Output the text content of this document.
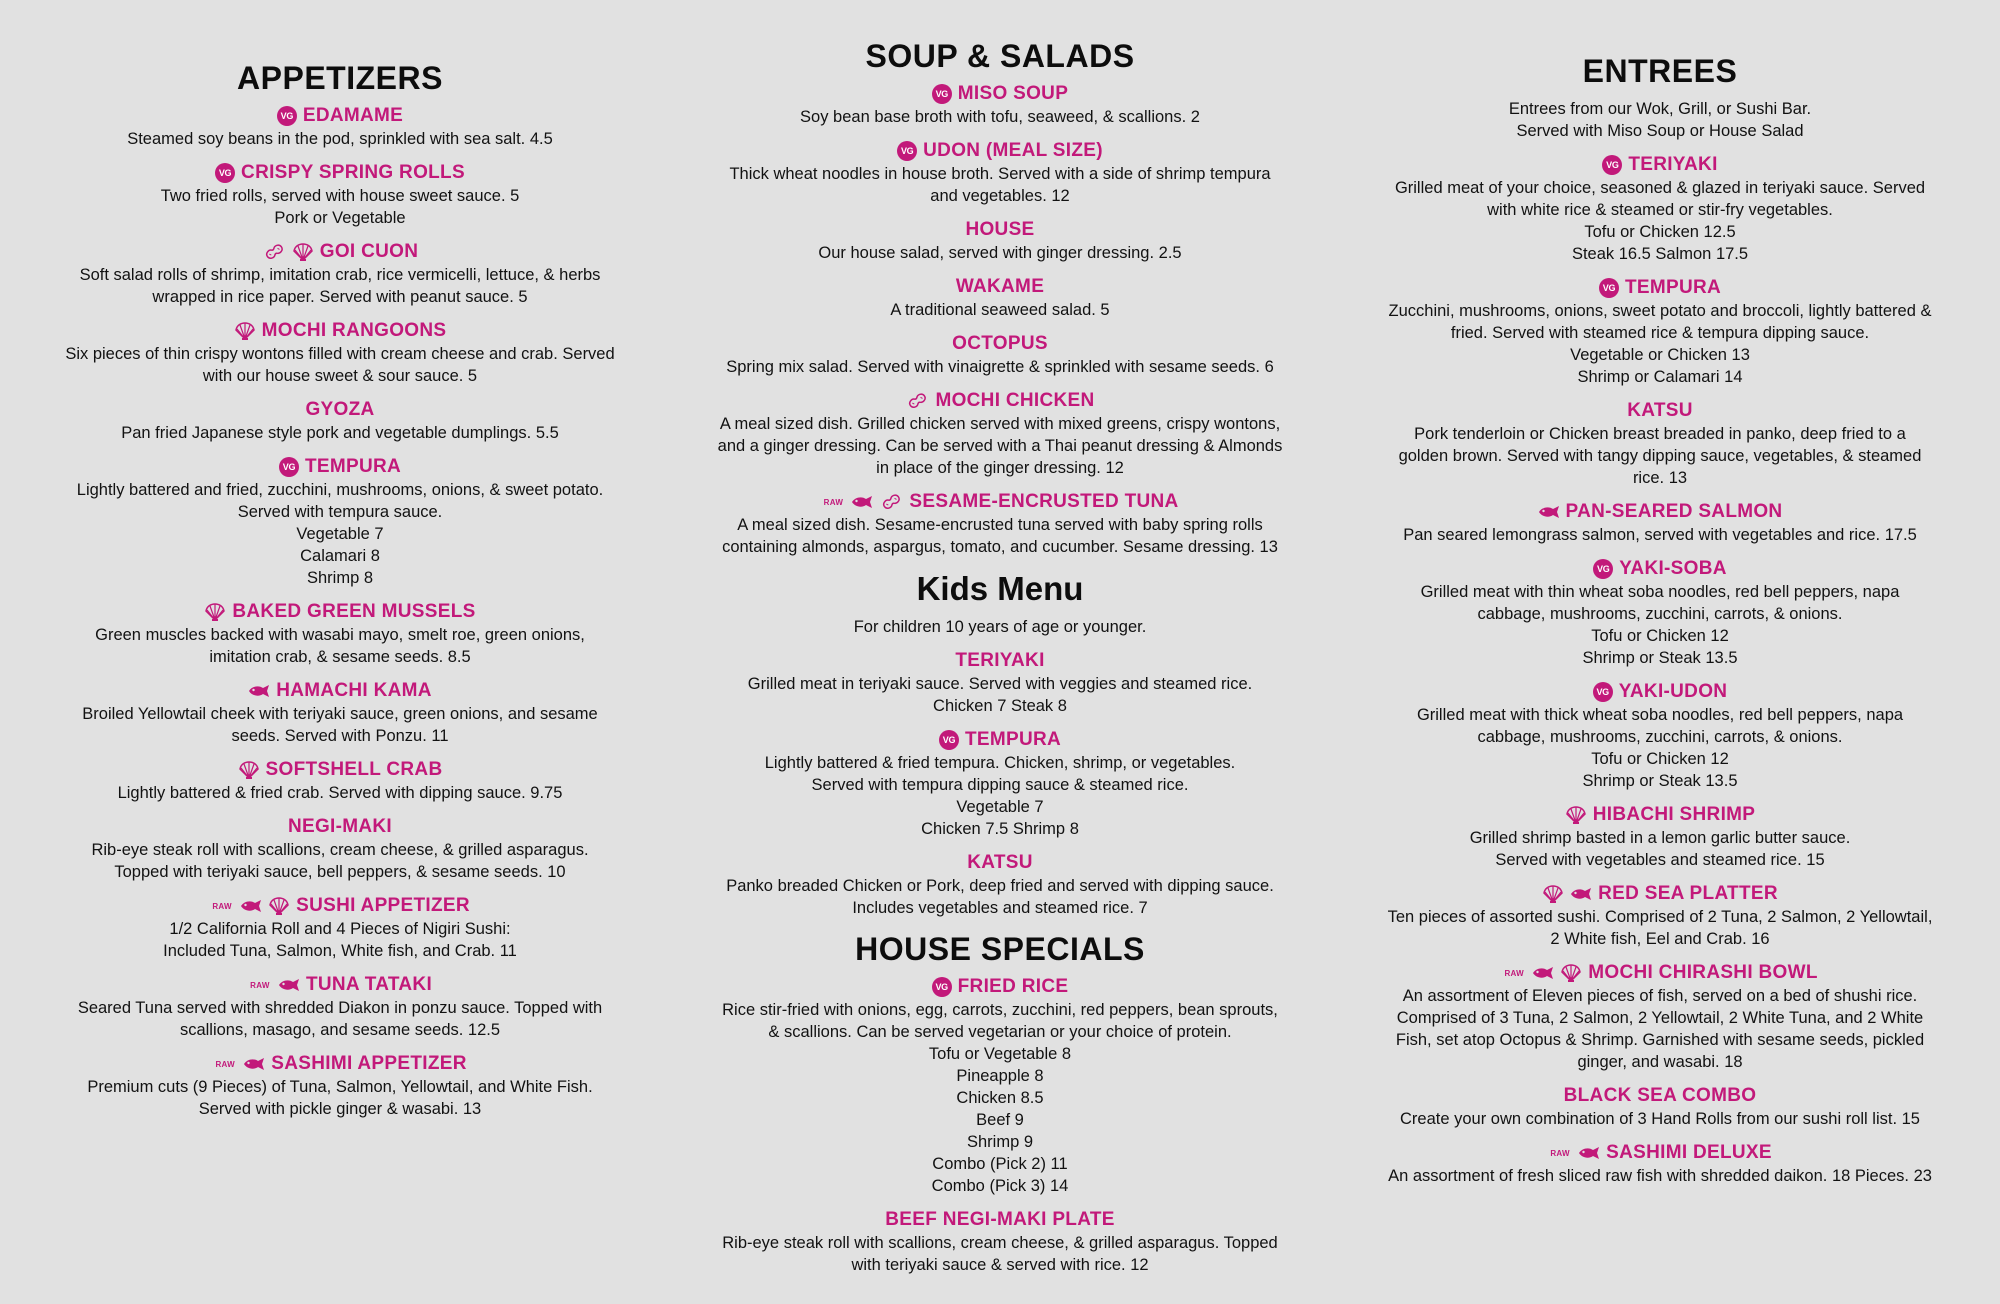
APPETIZERS
VG EDAMAME
Steamed soy beans in the pod, sprinkled with sea salt. 4.5
VG CRISPY SPRING ROLLS
Two fried rolls, served with house sweet sauce. 5
Pork or Vegetable
GOI CUON
Soft salad rolls of shrimp, imitation crab, rice vermicelli, lettuce, & herbs
wrapped in rice paper. Served with peanut sauce. 5
MOCHI RANGOONS
Six pieces of thin crispy wontons filled with cream cheese and crab. Served
with our house sweet & sour sauce. 5
GYOZA
Pan fried Japanese style pork and vegetable dumplings. 5.5
VG TEMPURA
Lightly battered and fried, zucchini, mushrooms, onions, & sweet potato.
Served with tempura sauce.
Vegetable 7
Calamari 8
Shrimp 8
BAKED GREEN MUSSELS
Green muscles backed with wasabi mayo, smelt roe, green onions,
imitation crab, & sesame seeds. 8.5
HAMACHI KAMA
Broiled Yellowtail cheek with teriyaki sauce, green onions, and sesame
seeds. Served with Ponzu. 11
SOFTSHELL CRAB
Lightly battered & fried crab. Served with dipping sauce. 9.75
NEGI-MAKI
Rib-eye steak roll with scallions, cream cheese, & grilled asparagus.
Topped with teriyaki sauce, bell peppers, & sesame seeds. 10
RAW	SUSHI APPETIZER
1/2 California Roll and 4 Pieces of Nigiri Sushi:
Included Tuna, Salmon, White fish, and Crab. 11
RAW TUNA TATAKI
Seared Tuna served with shredded Diakon in ponzu sauce. Topped with
scallions, masago, and sesame seeds. 12.5
RAW SASHIMI APPETIZER
Premium cuts (9 Pieces) of Tuna, Salmon, Yellowtail, and White Fish.
Served with pickle ginger & wasabi. 13
SOUP & SALADS
VG MISO SOUP
Soy bean base broth with tofu, seaweed, & scallions. 2
VG UDON (MEAL SIZE)
Thick wheat noodles in house broth. Served with a side of shrimp tempura
and vegetables. 12
HOUSE
Our house salad, served with ginger dressing. 2.5
WAKAME
A traditional seaweed salad. 5
OCTOPUS
Spring mix salad. Served with vinaigrette & sprinkled with sesame seeds. 6
MOCHI CHICKEN
A meal sized dish. Grilled chicken served with mixed greens, crispy wontons,
and a ginger dressing. Can be served with a Thai peanut dressing & Almonds
in place of the ginger dressing. 12
RAW	SESAME-ENCRUSTED TUNA
A meal sized dish. Sesame-encrusted tuna served with baby spring rolls
containing almonds, aspargus, tomato, and cucumber. Sesame dressing. 13
Kids Menu
For children 10 years of age or younger.
TERIYAKI
Grilled meat in teriyaki sauce. Served with veggies and steamed rice.
Chicken 7 Steak 8
VG TEMPURA
Lightly battered & fried tempura. Chicken, shrimp, or vegetables.
Served with tempura dipping sauce & steamed rice.
Vegetable 7
Chicken 7.5 Shrimp 8
KATSU
Panko breaded Chicken or Pork, deep fried and served with dipping sauce.
Includes vegetables and steamed rice. 7
HOUSE SPECIALS
VG FRIED RICE
Rice stir-fried with onions, egg, carrots, zucchini, red peppers, bean sprouts,
& scallions. Can be served vegetarian or your choice of protein.
Tofu or Vegetable 8
Pineapple 8
Chicken 8.5
Beef 9
Shrimp 9
Combo (Pick 2) 11
Combo (Pick 3) 14
BEEF NEGI-MAKI PLATE
Rib-eye steak roll with scallions, cream cheese, & grilled asparagus. Topped
with teriyaki sauce & served with rice. 12
ENTREES
Entrees from our Wok, Grill, or Sushi Bar.
Served with Miso Soup or House Salad
VG TERIYAKI
Grilled meat of your choice, seasoned & glazed in teriyaki sauce. Served
with white rice & steamed or stir-fry vegetables.
Tofu or Chicken 12.5
Steak 16.5 Salmon 17.5
VG TEMPURA
Zucchini, mushrooms, onions, sweet potato and broccoli, lightly battered &
fried. Served with steamed rice & tempura dipping sauce.
Vegetable or Chicken 13
Shrimp or Calamari 14
KATSU
Pork tenderloin or Chicken breast breaded in panko, deep fried to a
golden brown. Served with tangy dipping sauce, vegetables, & steamed
rice. 13
PAN-SEARED SALMON
Pan seared lemongrass salmon, served with vegetables and rice. 17.5
VG YAKI-SOBA
Grilled meat with thin wheat soba noodles, red bell peppers, napa
cabbage, mushrooms, zucchini, carrots, & onions.
Tofu or Chicken 12
Shrimp or Steak 13.5
VG YAKI-UDON
Grilled meat with thick wheat soba noodles, red bell peppers, napa
cabbage, mushrooms, zucchini, carrots, & onions.
Tofu or Chicken 12
Shrimp or Steak 13.5
HIBACHI SHRIMP
Grilled shrimp basted in a lemon garlic butter sauce.
Served with vegetables and steamed rice. 15
RED SEA PLATTER
Ten pieces of assorted sushi. Comprised of 2 Tuna, 2 Salmon, 2 Yellowtail,
2 White fish, Eel and Crab. 16
RAW	MOCHI CHIRASHI BOWL
An assortment of Eleven pieces of fish, served on a bed of shushi rice.
Comprised of 3 Tuna, 2 Salmon, 2 Yellowtail, 2 White Tuna, and 2 White
Fish, set atop Octopus & Shrimp. Garnished with sesame seeds, pickled
ginger, and wasabi. 18
BLACK SEA COMBO
Create your own combination of 3 Hand Rolls from our sushi roll list. 15
RAW SASHIMI DELUXE
An assortment of fresh sliced raw fish with shredded daikon. 18 Pieces. 23
